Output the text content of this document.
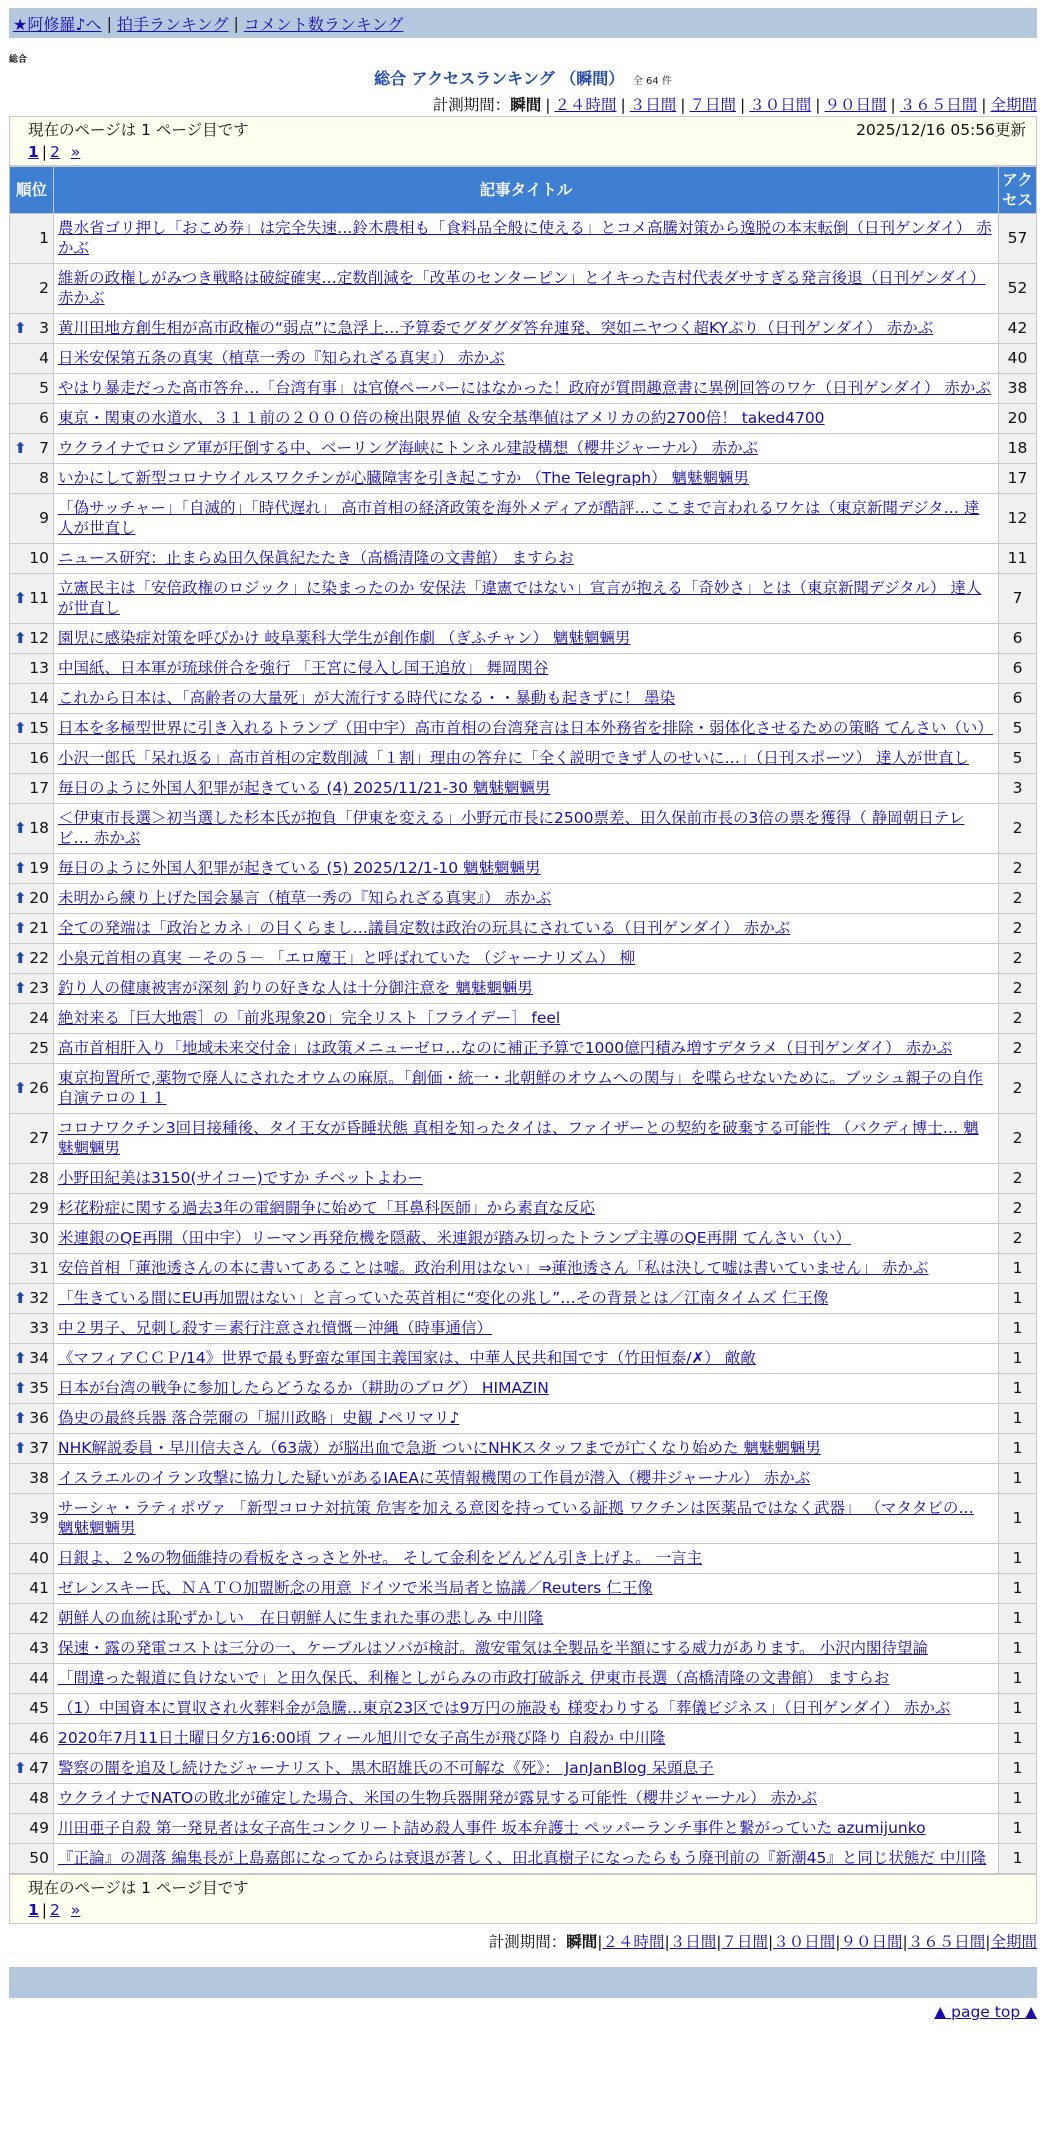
★阿修羅♪へ | 拍手ランキング | コメント数ランキング
総合
総合 アクセスランキング （瞬間） 全 64 件
計測期間：瞬間 | ２４時間 | ３日間 | ７日間 | ３０日間 | ９０日間 | ３６５日間 | 全期間
現在のページは 1 ページ目です	2025/12/16 05:56更新
1 | 2 »
順位	記事タイトル	アクセス
1	農水省ゴリ押し「おこめ券」は完全失速…鈴木農相も「食料品全般に使える」とコメ高騰対策から逸脱の本末転倒（日刊ゲンダイ） 赤かぶ	57
2	維新の政権しがみつき戦略は破綻確実…定数削減を「改革のセンターピン」とイキった吉村代表ダサすぎる発言後退（日刊ゲンダイ） 赤かぶ	52

⬆ 3	黄川田地方創生相が高市政権の“弱点”に急浮上…予算委でグダグダ答弁連発、突如ニヤつく超KYぶり（日刊ゲンダイ） 赤かぶ	42
4	日米安保第五条の真実（植草一秀の『知られざる真実』） 赤かぶ	40
5	やはり暴走だった高市答弁…「台湾有事」は官僚ペーパーにはなかった！政府が質問趣意書に異例回答のワケ（日刊ゲンダイ） 赤かぶ	38
6	東京・関東の水道水、３１１前の２０００倍の検出限界値 ＆安全基準値はアメリカの約2700倍！ taked4700	20

⬆ 7	ウクライナでロシア軍が圧倒する中、ベーリング海峡にトンネル建設構想（櫻井ジャーナル） 赤かぶ	18
8	いかにして新型コロナウイルスワクチンが心臓障害を引き起こすか （The Telegraph） 魑魅魍魎男	17
9	「偽サッチャー」「自滅的」「時代遅れ」 高市首相の経済政策を海外メディアが酷評…ここまで言われるワケは（東京新聞デジタ… 達人が世直し	12
10	ニュース研究：止まらぬ田久保眞紀たたき（高橋清隆の文書館） ますらお	11

⬆ 11	立憲民主は「安倍政権のロジック」に染まったのか 安保法「違憲ではない」宣言が抱える「奇妙さ」とは（東京新聞デジタル） 達人が世直し	7

⬆ 12	園児に感染症対策を呼びかけ 岐阜薬科大学生が創作劇 （ぎふチャン） 魑魅魍魎男	6
13	中国紙、日本軍が琉球併合を強行 「王宮に侵入し国王追放」 舞岡関谷	6
14	これから日本は、「高齢者の大量死」が大流行する時代になる・・暴動も起きずに！ 墨染	6

⬆ 15	日本を多極型世界に引き入れるトランプ（田中宇）高市首相の台湾発言は日本外務省を排除・弱体化させるための策略 てんさい（い）	5
16	小沢一郎氏「呆れ返る」高市首相の定数削減「１割」理由の答弁に「全く説明できず人のせいに…」（日刊スポーツ） 達人が世直し	5
17	毎日のように外国人犯罪が起きている (4) 2025/11/21-30 魑魅魍魎男	3

⬆ 18	＜伊東市長選＞初当選した杉本氏が抱負「伊東を変える」小野元市長に2500票差、田久保前市長の3倍の票を獲得（ 静岡朝日テレビ… 赤かぶ	2

⬆ 19	毎日のように外国人犯罪が起きている (5) 2025/12/1-10 魑魅魍魎男	2

⬆ 20	未明から練り上げた国会暴言（植草一秀の『知られざる真実』） 赤かぶ	2

⬆ 21	全ての発端は「政治とカネ」の目くらまし…議員定数は政治の玩具にされている（日刊ゲンダイ） 赤かぶ	2

⬆ 22	小泉元首相の真実 －その５－ 「エロ魔王」と呼ばれていた （ジャーナリズム） 柳	2

⬆ 23	釣り人の健康被害が深刻 釣りの好きな人は十分御注意を 魑魅魍魎男	2
24	絶対来る［巨大地震］の「前兆現象20」完全リスト［フライデー］ feel	2
25	高市首相肝入り「地域未来交付金」は政策メニューゼロ…なのに補正予算で1000億円積み増すデタラメ（日刊ゲンダイ） 赤かぶ	2

⬆ 26	東京拘置所で,薬物で廃人にされたオウムの麻原。「創価・統一・北朝鮮のオウムへの関与」を喋らせないために。ブッシュ親子の自作自演テロの１１	2
27	コロナワクチン3回目接種後、タイ王女が昏睡状態 真相を知ったタイは、ファイザーとの契約を破棄する可能性 （バクディ博士… 魑魅魍魎男	2
28	小野田紀美は3150(サイコー)ですか チベットよわー	2
29	杉花粉症に関する過去3年の電網闘争に始めて「耳鼻科医師」から素直な反応	2
30	米連銀のQE再開（田中宇）リーマン再発危機を隠蔽、米連銀が踏み切ったトランプ主導のQE再開 てんさい（い）	2
31	安倍首相「蓮池透さんの本に書いてあることは嘘。政治利用はない」⇒蓮池透さん「私は決して嘘は書いていません」 赤かぶ	1

⬆ 32	「生きている間にEU再加盟はない」と言っていた英首相に“変化の兆し”…その背景とは／江南タイムズ 仁王像	1
33	中２男子、兄刺し殺す＝素行注意され憤慨－沖縄（時事通信）	1

⬆ 34	《マフィアＣＣＰ/14》世界で最も野蛮な軍国主義国家は、中華人民共和国です（竹田恒泰/✗） 敵敵	1

⬆ 35	日本が台湾の戦争に参加したらどうなるか（耕助のブログ） HIMAZIN	1

⬆ 36	偽史の最終兵器 落合莞爾の「堀川政略」史観 ♪ペリマリ♪	1

⬆ 37	NHK解説委員・早川信夫さん（63歳）が脳出血で急逝 ついにNHKスタッフまでが亡くなり始めた 魑魅魍魎男	1
38	イスラエルのイラン攻撃に協力した疑いがあるIAEAに英情報機関の工作員が潜入（櫻井ジャーナル） 赤かぶ	1
39	サーシャ・ラティポヴァ 「新型コロナ対抗策 危害を加える意図を持っている証拠 ワクチンは医薬品ではなく武器」 （マタタビの… 魑魅魍魎男	1
40	日銀よ、２%の物価維持の看板をさっさと外せ。 そして金利をどんどん引き上げよ。 一言主	1
41	ゼレンスキー氏、ＮＡＴＯ加盟断念の用意 ドイツで米当局者と協議／Reuters 仁王像	1
42	朝鮮人の血統は恥ずかしい＿在日朝鮮人に生まれた事の悲しみ 中川隆	1
43	保速・露の発電コストは三分の一、ケーブルはソバが検討。激安電気は全製品を半額にする威力があります。 小沢内閣待望論	1
44	「間違った報道に負けないで」と田久保氏、利権としがらみの市政打破訴え 伊東市長選（高橋清隆の文書館） ますらお	1
45	（1）中国資本に買収され火葬料金が急騰…東京23区では9万円の施設も 様変わりする「葬儀ビジネス」（日刊ゲンダイ） 赤かぶ	1
46	2020年7月11日土曜日夕方16:00頃 フィール旭川で女子高生が飛び降り 自殺か 中川隆	1

⬆ 47	警察の闇を追及し続けたジャーナリスト、黒木昭雄氏の不可解な《死》： JanJanBlog 呆頭息子	1
48	ウクライナでNATOの敗北が確定した場合、米国の生物兵器開発が露見する可能性（櫻井ジャーナル） 赤かぶ	1
49	川田亜子自殺 第一発見者は女子高生コンクリート詰め殺人事件 坂本弁護士 ペッパーランチ事件と繋がっていた azumijunko	1
50	『正論』の凋落 編集長が上島嘉郎になってからは衰退が著しく、田北真樹子になったらもう廃刊前の『新潮45』と同じ状態だ 中川隆	1
現在のページは 1 ページ目です
1 | 2 »
計測期間：瞬間|２４時間|３日間|７日間|３０日間|９０日間|３６５日間|全期間
▲ page top ▲
